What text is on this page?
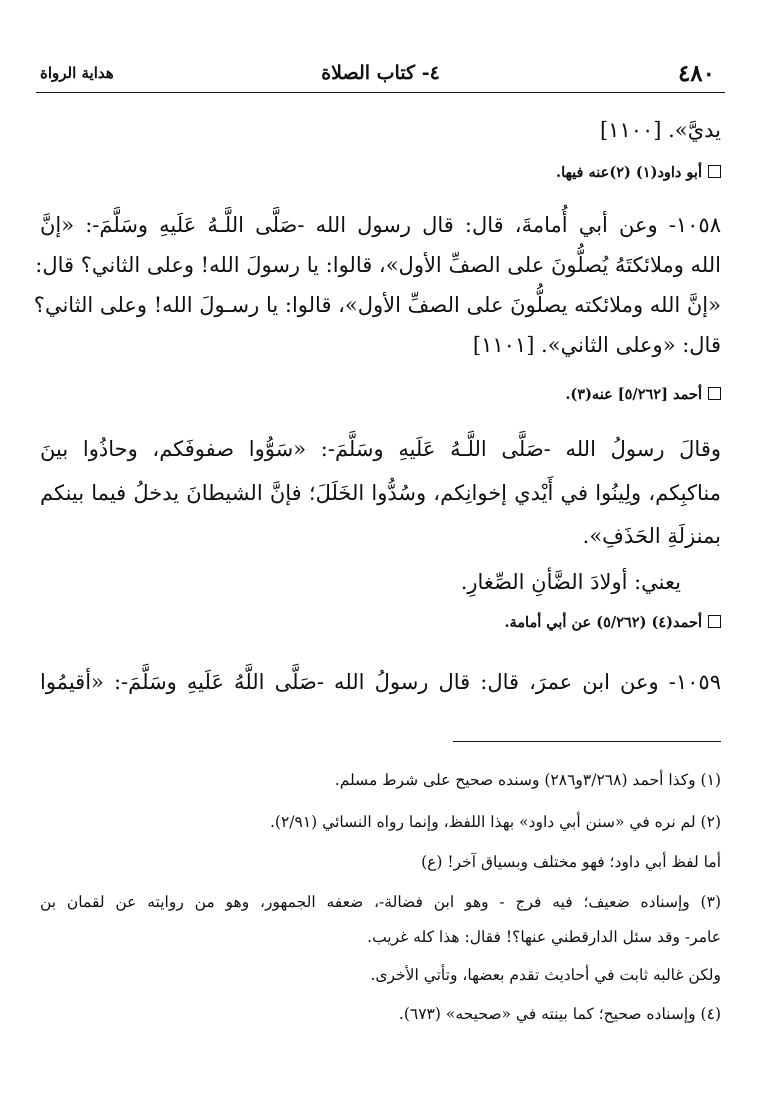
٤٨٠
٤- كتاب الصلاة
هداية الرواة
يديَّ». [١١٠٠]
أبو داود(١) (٢)عنه فيها.
١٠٥٨- وعن أبي أُمامةَ، قال: قال رسول الله -صَلَّى اللَّـهُ عَلَيهِ وسَلَّمَ-: «إنَّ
الله وملائكتَهُ يُصلُّونَ على الصفِّ الأول»، قالوا: يا رسولَ الله! وعلى الثاني؟ قال:
«إنَّ الله وملائكته يصلُّونَ على الصفِّ الأول»، قالوا: يا رسـولَ الله! وعلى الثاني؟
قال: «وعلى الثاني». [١١٠١]
أحمد [٥/٢٦٢] عنه(٣).
وقالَ رسولُ الله -صَلَّى اللَّـهُ عَلَيهِ وسَلَّمَ-: «سَوُّوا صفوفَكم، وحاذُوا بينَ
مناكبِكم، ولِينُوا في أَيْدي إخوانِكم، وسُدُّوا الخَلَلَ؛ فإنَّ الشيطانَ يدخلُ فيما بينكم
بمنزلَةِ الحَذَفِ».
يعني: أولادَ الضَّأنِ الصِّغارِ.
أحمد(٤) (٥/٢٦٢) عن أبي أمامة.
١٠٥٩- وعن ابن عمرَ، قال: قال رسولُ الله -صَلَّى اللَّهُ عَلَيهِ وسَلَّمَ-: «أقيمُوا
(١) وكذا أحمد (٣/٢٦٨و٢٨٦) وسنده صحيح على شرط مسلم.
(٢) لم نره في «سنن أبي داود» بهذا اللفظ، وإنما رواه النسائي (٢/٩١).
أما لفظ أبي داود؛ فهو مختلف وبسياق آخر! (ع)
(٣) وإسناده ضعيف؛ فيه فرج - وهو ابن فضالة-، ضعفه الجمهور، وهو من روايته عن لقمان بن
عامر- وقد سئل الدارقطني عنها؟! فقال: هذا كله غريب.
ولكن غالبه ثابت في أحاديث تقدم بعضها، وتأتي الأخرى.
(٤) وإسناده صحيح؛ كما بينته في «صحيحه» (٦٧٣).
